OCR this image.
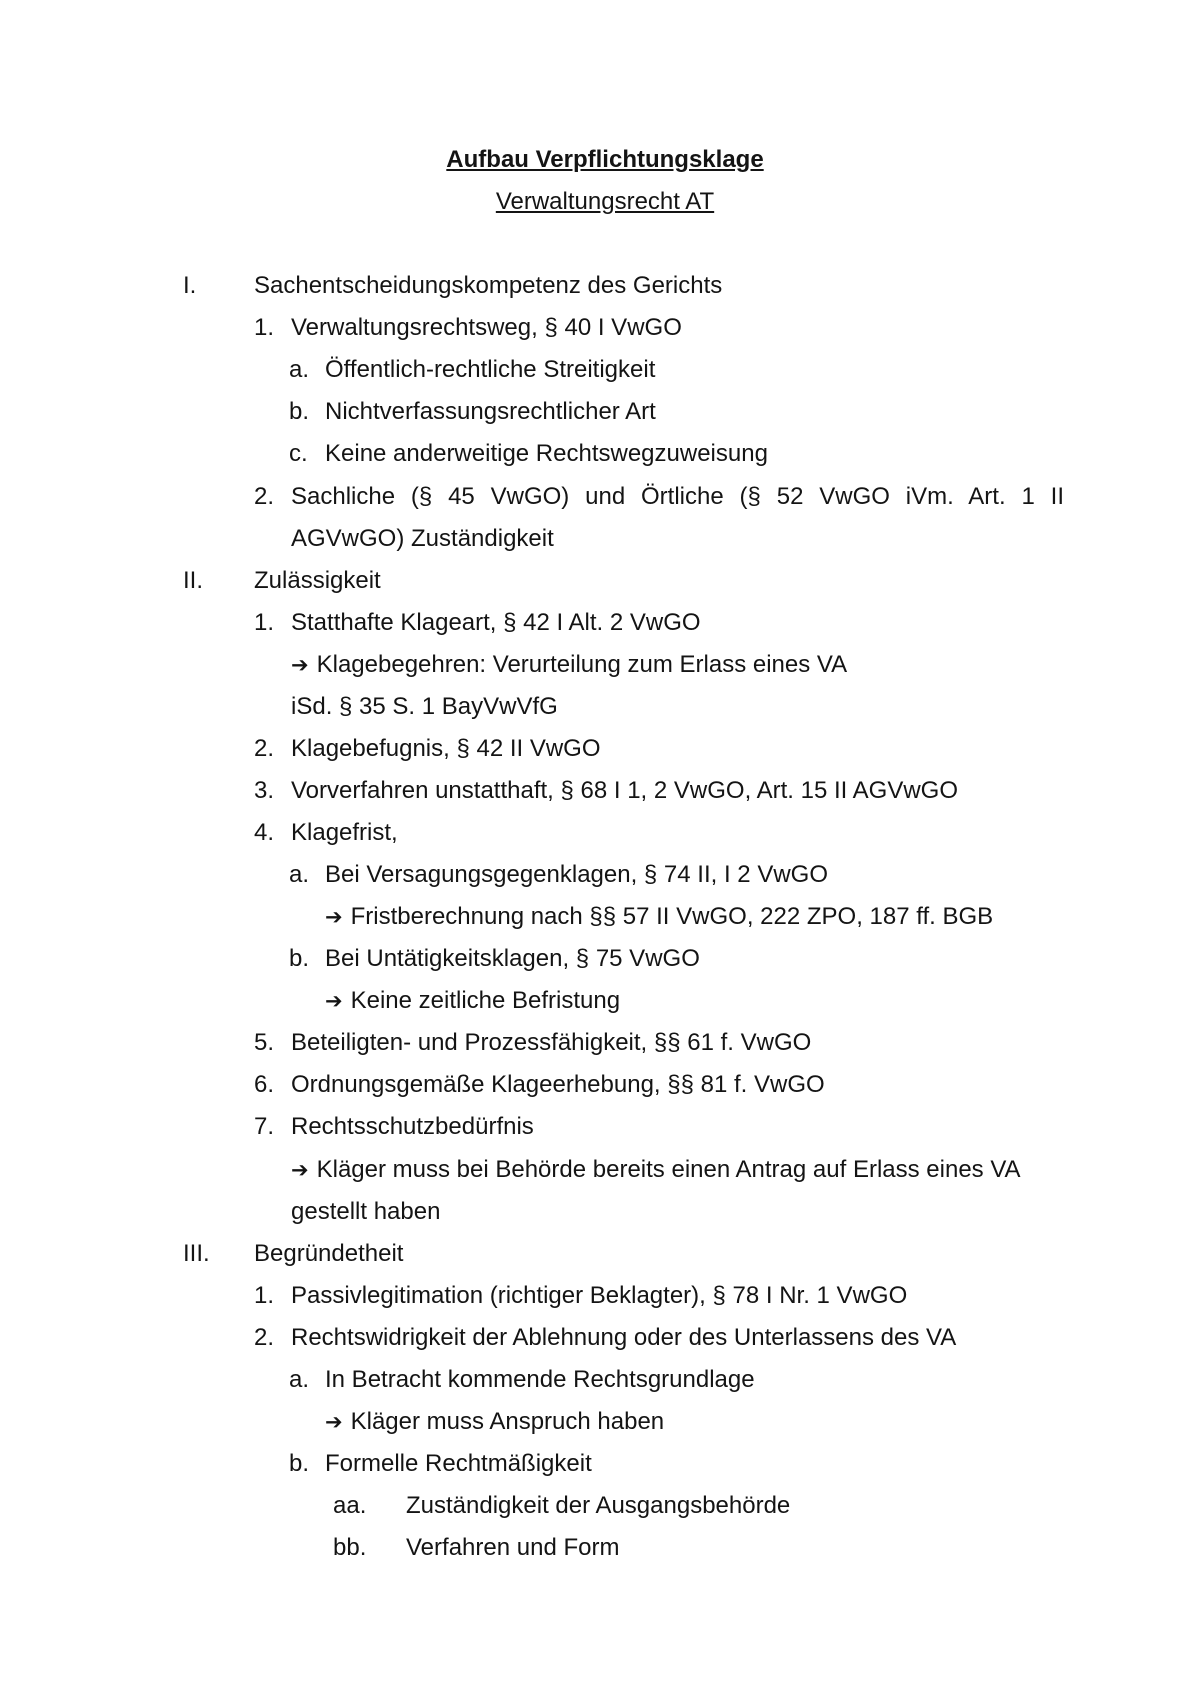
Aufbau Verpflichtungsklage
Verwaltungsrecht AT
I. Sachentscheidungskompetenz des Gerichts
1. Verwaltungsrechtsweg, § 40 I VwGO
a. Öffentlich-rechtliche Streitigkeit
b. Nichtverfassungsrechtlicher Art
c. Keine anderweitige Rechtswegzuweisung
2. Sachliche (§ 45 VwGO) und Örtliche (§ 52 VwGO iVm. Art. 1 II AGVwGO) Zuständigkeit
II. Zulässigkeit
1. Statthafte Klageart, § 42 I Alt. 2 VwGO
➔ Klagebegehren: Verurteilung zum Erlass eines VA
iSd. § 35 S. 1 BayVwVfG
2. Klagebefugnis, § 42 II VwGO
3. Vorverfahren unstatthaft, § 68 I 1, 2 VwGO, Art. 15 II AGVwGO
4. Klagefrist,
a. Bei Versagungsgegenklagen, § 74 II, I 2 VwGO
➔ Fristberechnung nach §§ 57 II VwGO, 222 ZPO, 187 ff. BGB
b. Bei Untätigkeitsklagen, § 75 VwGO
➔ Keine zeitliche Befristung
5. Beteiligten- und Prozessfähigkeit, §§ 61 f. VwGO
6. Ordnungsgemäße Klageerhebung, §§ 81 f. VwGO
7. Rechtsschutzbedürfnis
➔ Kläger muss bei Behörde bereits einen Antrag auf Erlass eines VA gestellt haben
III. Begründetheit
1. Passivlegitimation (richtiger Beklagter), § 78 I Nr. 1 VwGO
2. Rechtswidrigkeit der Ablehnung oder des Unterlassens des VA
a. In Betracht kommende Rechtsgrundlage
➔ Kläger muss Anspruch haben
b. Formelle Rechtmäßigkeit
aa. Zuständigkeit der Ausgangsbehörde
bb. Verfahren und Form
